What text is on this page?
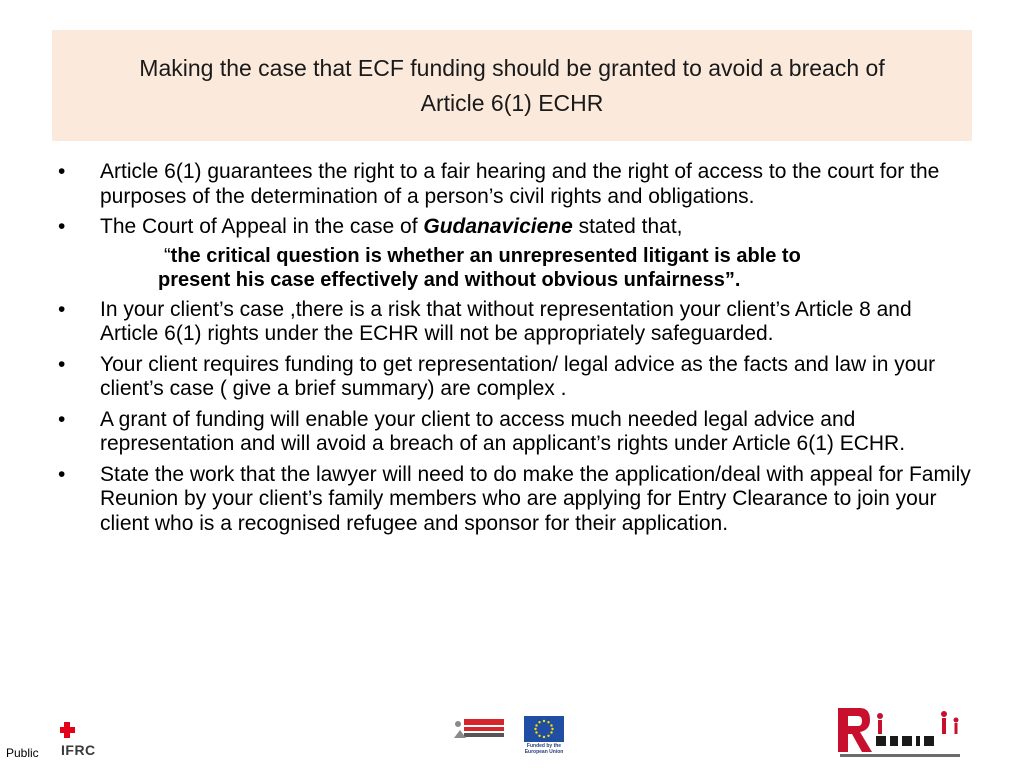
Making the case that ECF funding should be granted to avoid a breach of
Article 6(1) ECHR
•	Article 6(1) guarantees the right to a fair hearing and the right of access to the court for the purposes of the determination of a person’s civil rights and obligations.
•	The Court of Appeal in the case of Gudanaviciene stated that,
“the critical question is whether an unrepresented litigant is able to
present his case effectively and without obvious unfairness”.
•	In your client’s case ,there is a risk that without representation your client’s Article 8 and Article 6(1) rights under the ECHR will not be appropriately safeguarded.
•	Your client requires funding to get representation/ legal advice as the facts and law in your client’s case ( give a brief summary) are complex .
•	A grant of funding will enable your client to access much needed legal advice and representation and will avoid a breach of an applicant’s rights under Article 6(1) ECHR.
•	State the work that the lawyer will need to do make the application/deal with appeal for Family Reunion by your client’s family members who are applying for Entry Clearance to join your client who is a recognised refugee and sponsor for their application.
Public IFRC	Funded by the European Union
